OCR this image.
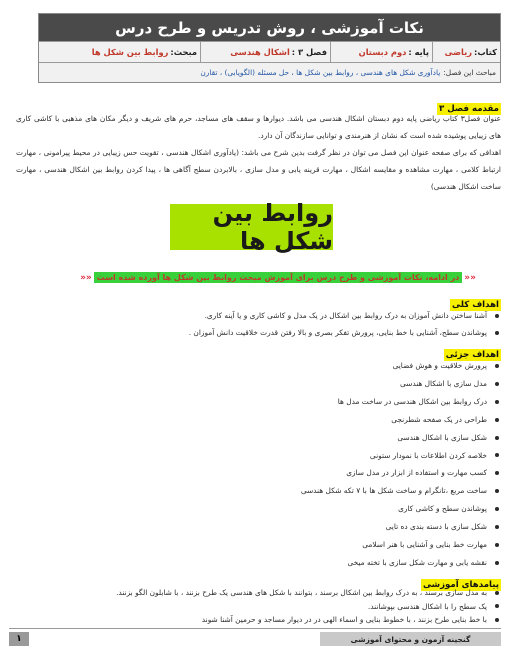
نکات آموزشی ، روش تدریس و طرح درس
کتاب:
ریاضی
پایه :
دوم دبستان
فصل ۳ :
اشکال هندسی
مبحث:
روابط بین شکل ها
مباحث این فصل:
یادآوری شکل های هندسی ، روابط بین شکل ها ، حل مسئله (الگویابی) ، تقارن
مقدمه فصل ۳

عنوان فصل۳ کتاب ریاضی پایه دوم دبستان اشکال هندسی می باشد. دیوارها و سقف های مساجد، حرم های شریف و دیگر مکان های مذهبی با کاشی کاری های زیبایی پوشیده شده است که نشان از هنرمندی و توانایی سازندگان آن دارد.

اهدافی که برای صفحه عنوان این فصل می توان در نظر گرفت بدین شرح می باشد: (یادآوری اشکال هندسی ، تقویت حس زیبایی در محیط پیرامونی ، مهارت ارتباط کلامی ، مهارت مشاهده و مقایسه اشکال ، مهارت قرینه یابی و مدل سازی ، بالابردن سطح آگاهی ها ، پیدا کردن روابط بین اشکال هندسی ، مهارت ساخت اشکال هندسی)

روابط بین شکل ها
««
در ادامه، نکات آموزشی و طرح درس برای آموزش مبحث روابط بین شکل ها آورده شده است
««
اهداف کلی
آشنا ساختن دانش آموزان به درک روابط بین اشکال در یک مدل و کاشی کاری و یا آینه کاری.
پوشاندن سطح، آشنایی با خط بنایی، پرورش تفکر بصری و بالا رفتن قدرت خلاقیت دانش آموزان .
اهداف جزئی
پرورش خلاقیت و هوش فضایی
مدل سازی با اشکال هندسی
درک روابط بین اشکال هندسی در ساخت مدل ها
طراحی در یک صفحه شطرنجی
شکل سازی با اشکال هندسی
خلاصه کردن اطلاعات با نمودار ستونی
کسب مهارت و استفاده از ابزار در مدل سازی
ساخت مربع ،تانگرام و ساخت شکل ها با ۷ تکه شکل هندسی
پوشاندن سطح و کاشی کاری
شکل سازی با دسته بندی ده تایی
مهارت خط بنایی و آشنایی با هنر اسلامی
نقشه یابی و مهارت شکل سازی با تخته میخی
پیامدهای آموزشی
به مدل سازی برسند ، به درک روابط بین اشکال برسند ، بتوانند با شکل های هندسی یک طرح بزنند ، با شابلون الگو بزنند.
یک سطح را با اشکال هندسی بپوشانند.
با خط بنایی طرح بزنند ، با خطوط بنایی و اسماء الهی در در دیوار مساجد و حرمین آشنا شوند
۱	گنجینه آزمون و محتوای آموزشی
